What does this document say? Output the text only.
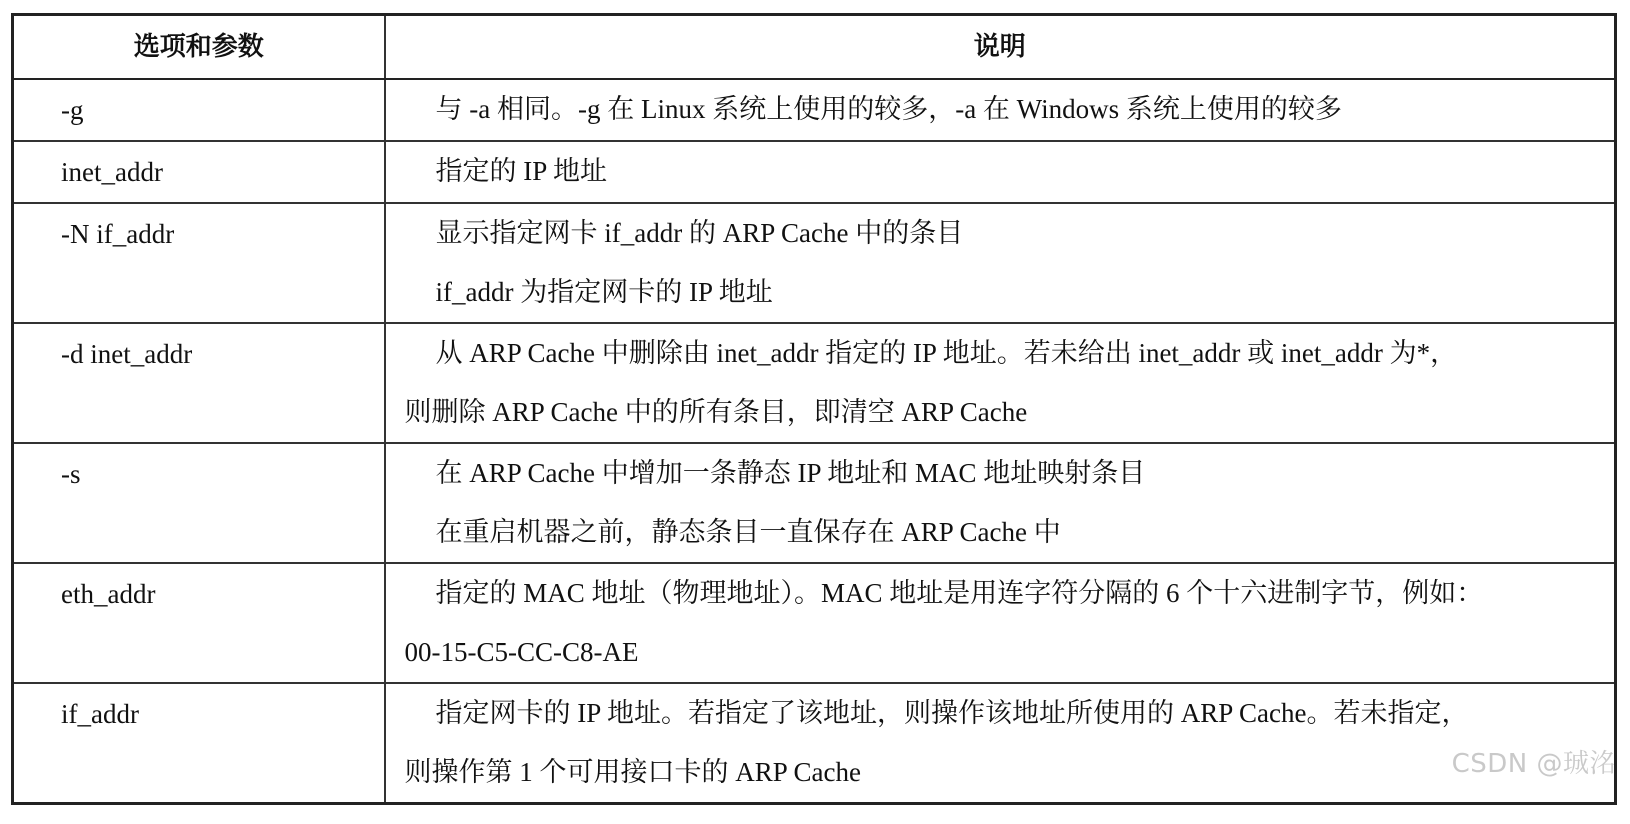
选项和参数	说明
-g	与 -a 相同。-g 在 Linux 系统上使用的较多，-a 在 Windows 系统上使用的较多

inet_addr	指定的 IP 地址

-N if_addr	显示指定网卡 if_addr 的 ARP Cache 中的条目
if_addr 为指定网卡的 IP 地址

-d inet_addr	从 ARP Cache 中删除由 inet_addr 指定的 IP 地址。若未给出 inet_addr 或 inet_addr 为*，
则删除 ARP Cache 中的所有条目，即清空 ARP Cache

-s	在 ARP Cache 中增加一条静态 IP 地址和 MAC 地址映射条目
在重启机器之前，静态条目一直保存在 ARP Cache 中

eth_addr	指定的 MAC 地址（物理地址）。MAC 地址是用连字符分隔的 6 个十六进制字节，例如：
00-15-C5-CC-C8-AE

if_addr	指定网卡的 IP 地址。若指定了该地址，则操作该地址所使用的 ARP Cache。若未指定，
则操作第 1 个可用接口卡的 ARP Cache	CSDN @珹洺
